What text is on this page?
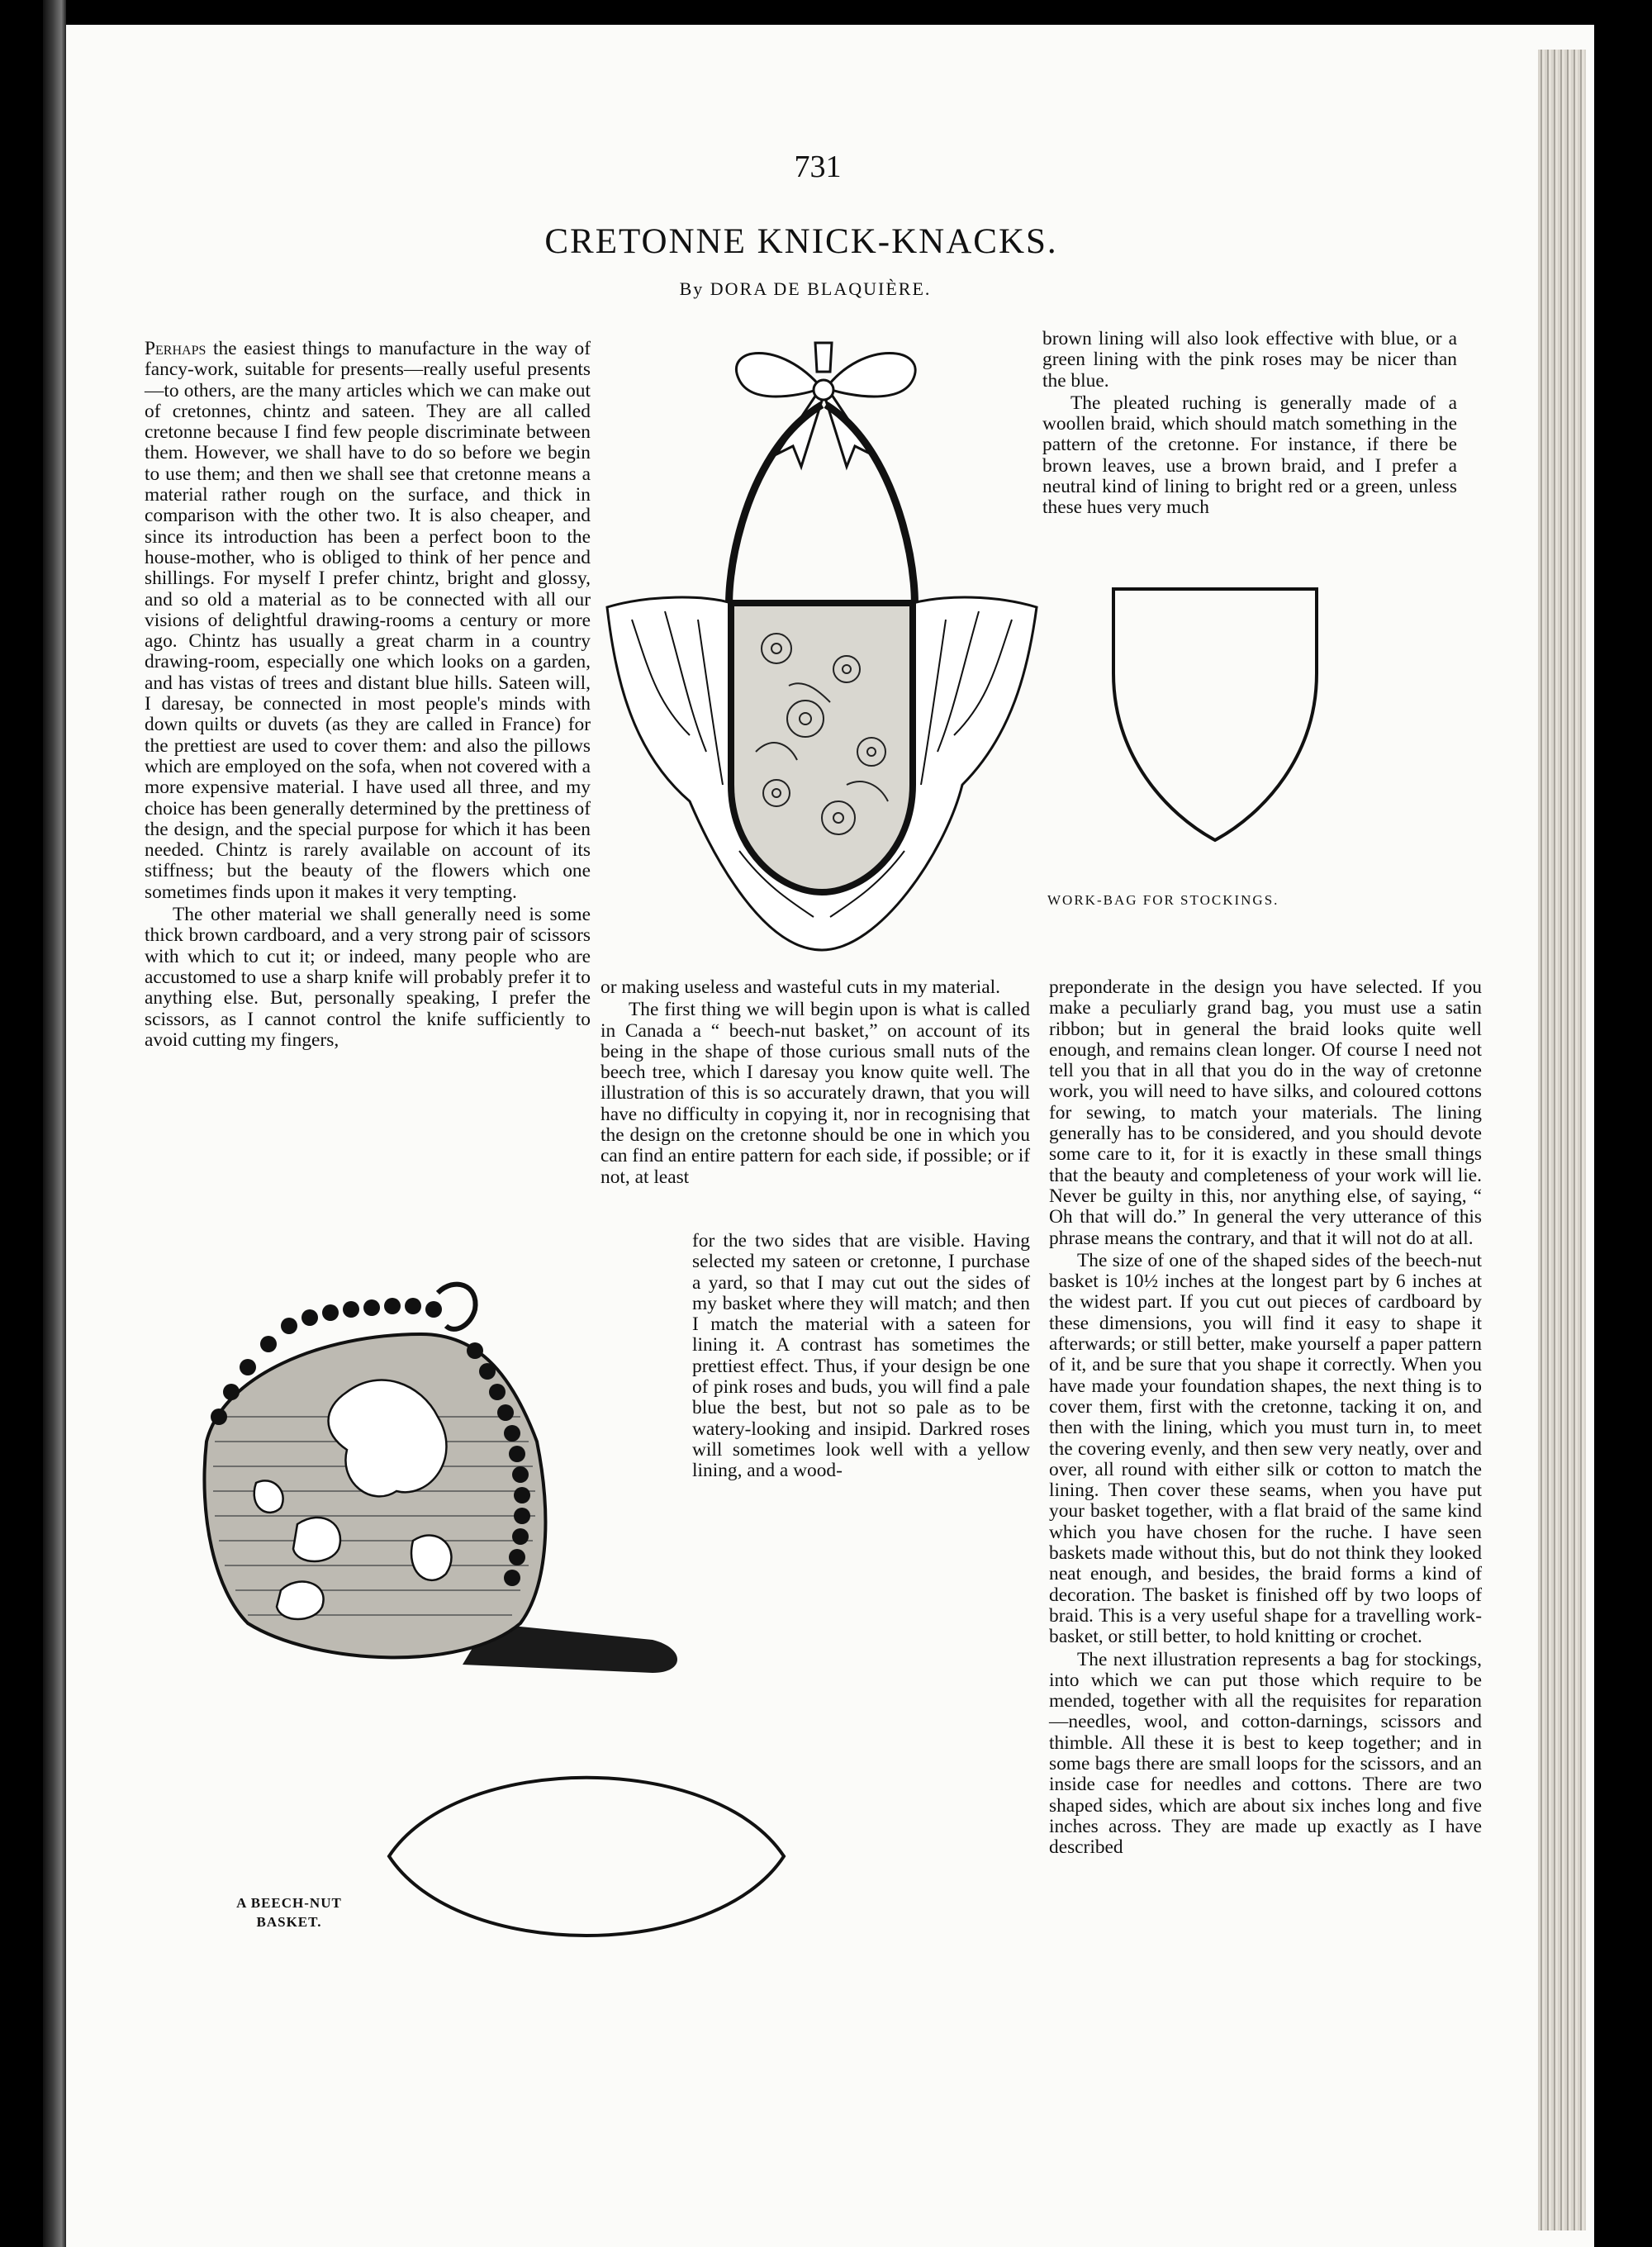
731
CRETONNE KNICK-KNACKS.
By DORA DE BLAQUIÈRE.

Perhaps the easiest things to manufacture in the way of fancy-work, suitable for presents—really useful presents—to others, are the many articles which we can make out of cretonnes, chintz and sateen. They are all called cretonne because I find few people discriminate between them. However, we shall have to do so before we begin to use them; and then we shall see that cretonne means a material rather rough on the surface, and thick in comparison with the other two. It is also cheaper, and since its introduction has been a perfect boon to the house-mother, who is obliged to think of her pence and shillings. For myself I prefer chintz, bright and glossy, and so old a material as to be connected with all our visions of delightful drawing-rooms a century or more ago. Chintz has usually a great charm in a country drawing-room, especially one which looks on a garden, and has vistas of trees and distant blue hills. Sateen will, I daresay, be connected in most people's minds with down quilts or duvets (as they are called in France) for the prettiest are used to cover them: and also the pillows which are employed on the sofa, when not covered with a more expensive material. I have used all three, and my choice has been generally determined by the prettiness of the design, and the special purpose for which it has been needed. Chintz is rarely available on account of its stiffness; but the beauty of the flowers which one sometimes finds upon it makes it very tempting.

The other material we shall generally need is some thick brown cardboard, and a very strong pair of scissors with which to cut it; or indeed, many people who are accustomed to use a sharp knife will probably prefer it to anything else. But, personally speaking, I prefer the scissors, as I cannot control the knife sufficiently to avoid cutting my fingers,

brown lining will also look effective with blue, or a green lining with the pink roses may be nicer than the blue.

The pleated ruching is generally made of a woollen braid, which should match something in the pattern of the cretonne. For instance, if there be brown leaves, use a brown braid, and I prefer a neutral kind of lining to bright red or a green, unless these hues very much

or making useless and wasteful cuts in my material.

The first thing we will begin upon is what is called in Canada a “ beech-nut basket,” on account of its being in the shape of those curious small nuts of the beech tree, which I daresay you know quite well. The illustration of this is so accurately drawn, that you will have no difficulty in copying it, nor in recognising that the design on the cretonne should be one in which you can find an entire pattern for each side, if possible; or if not, at least

for the two sides that are visible. Having selected my sateen or cretonne, I purchase a yard, so that I may cut out the sides of my basket where they will match; and then I match the material with a sateen for lining it. A contrast has sometimes the prettiest effect. Thus, if your design be one of pink roses and buds, you will find a pale blue the best, but not so pale as to be watery-looking and insipid. Darkred roses will sometimes look well with a yellow lining, and a wood-

preponderate in the design you have selected. If you make a peculiarly grand bag, you must use a satin ribbon; but in general the braid looks quite well enough, and remains clean longer. Of course I need not tell you that in all that you do in the way of cretonne work, you will need to have silks, and coloured cottons for sewing, to match your materials. The lining generally has to be considered, and you should devote some care to it, for it is exactly in these small things that the beauty and completeness of your work will lie. Never be guilty in this, nor anything else, of saying, “ Oh that will do.” In general the very utterance of this phrase means the contrary, and that it will not do at all.

The size of one of the shaped sides of the beech-nut basket is 10½ inches at the longest part by 6 inches at the widest part. If you cut out pieces of cardboard by these dimensions, you will find it easy to shape it afterwards; or still better, make yourself a paper pattern of it, and be sure that you shape it correctly. When you have made your foundation shapes, the next thing is to cover them, first with the cretonne, tacking it on, and then with the lining, which you must turn in, to meet the covering evenly, and then sew very neatly, over and over, all round with either silk or cotton to match the lining. Then cover these seams, when you have put your basket together, with a flat braid of the same kind which you have chosen for the ruche. I have seen baskets made without this, but do not think they looked neat enough, and besides, the braid forms a kind of decoration. The basket is finished off by two loops of braid. This is a very useful shape for a travelling work-basket, or still better, to hold knitting or crochet.

The next illustration represents a bag for stockings, into which we can put those which require to be mended, together with all the requisites for reparation—needles, wool, and cotton-darnings, scissors and thimble. All these it is best to keep together; and in some bags there are small loops for the scissors, and an inside case for needles and cottons. There are two shaped sides, which are about six inches long and five inches across. They are made up exactly as I have described

WORK-BAG FOR STOCKINGS.
A BEECH-NUT
BASKET.
